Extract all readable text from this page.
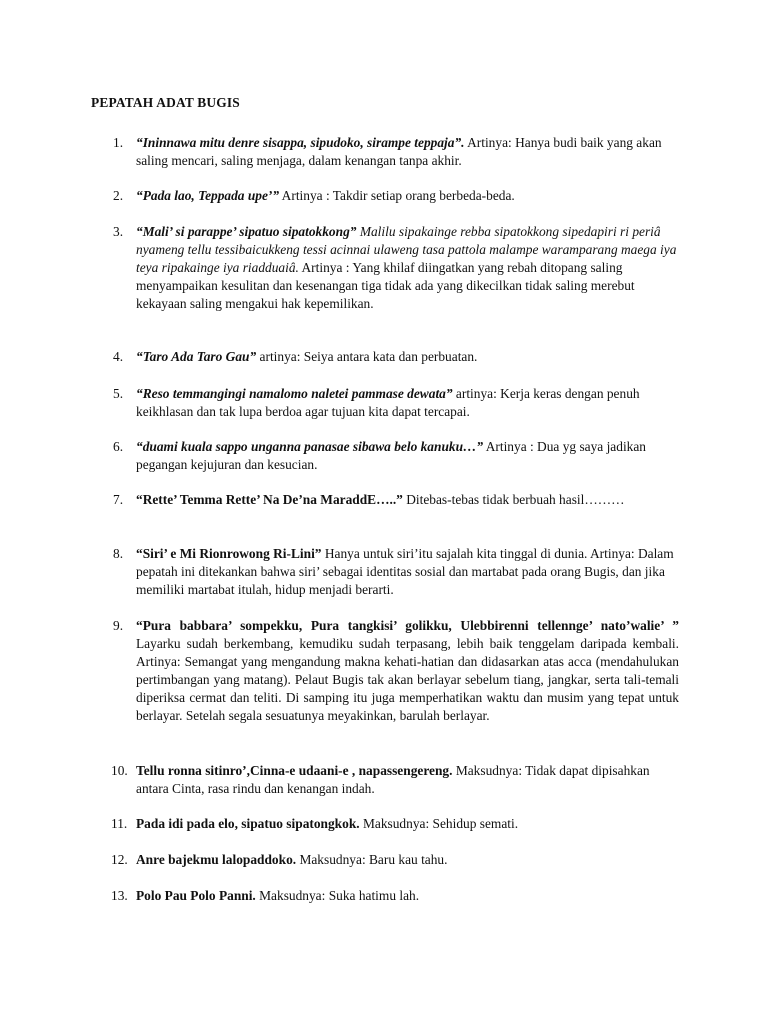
PEPATAH ADAT BUGIS
1. “Ininnawa mitu denre sisappa, sipudoko, sirampe teppaja”. Artinya: Hanya budi baik yang akan saling mencari, saling menjaga, dalam kenangan tanpa akhir.
2. “Pada lao, Teppada upe’” Artinya : Takdir setiap orang berbeda-beda.
3. “Mali’ si parappe’ sipatuo sipatokkong” Malilu sipakainge rebba sipatokkong sipedapiri ri periâ nyameng tellu tessibaicukkeng tessi acinnai ulaweng tasa pattola malampe waramparang maega iya teya ripakainge iya riadduaiâ. Artinya : Yang khilaf diingatkan yang rebah ditopang saling menyampaikan kesulitan dan kesenangan tiga tidak ada yang dikecilkan tidak saling merebut kekayaan saling mengakui hak kepemilikan.
4. “Taro Ada Taro Gau” artinya: Seiya antara kata dan perbuatan.
5. “Reso temmangingi namalomo naletei pammase dewata” artinya: Kerja keras dengan penuh keikhlasan dan tak lupa berdoa agar tujuan kita dapat tercapai.
6. “duami kuala sappo unganna panasae sibawa belo kanuku…” Artinya : Dua yg saya jadikan pegangan kejujuran dan kesucian.
7. “Rette’ Temma Rette’ Na De’na MaraddE…..” Ditebas-tebas tidak berbuah hasil………
8. “Siri’ e Mi Rionrowong Ri-Lini” Hanya untuk siri’itu sajalah kita tinggal di dunia. Artinya: Dalam pepatah ini ditekankan bahwa siri’ sebagai identitas sosial dan martabat pada orang Bugis, dan jika memiliki martabat itulah, hidup menjadi berarti.
9. “Pura babbara’ sompekku, Pura tangkisi’ golikku, Ulebbirenni tellennge’ nato’walie’ ” Layarku sudah berkembang, kemudiku sudah terpasang, lebih baik tenggelam daripada kembali. Artinya: Semangat yang mengandung makna kehati-hatian dan didasarkan atas acca (mendahulukan pertimbangan yang matang). Pelaut Bugis tak akan berlayar sebelum tiang, jangkar, serta tali-temali diperiksa cermat dan teliti. Di samping itu juga memperhatikan waktu dan musim yang tepat untuk berlayar. Setelah segala sesuatunya meyakinkan, barulah berlayar.
10. Tellu ronna sitinro’,Cinna-e udaani-e , napassengereng. Maksudnya: Tidak dapat dipisahkan antara Cinta, rasa rindu dan kenangan indah.
11. Pada idi pada elo, sipatuo sipatongkok. Maksudnya: Sehidup semati.
12. Anre bajekmu lalopaddoko. Maksudnya: Baru kau tahu.
13. Polo Pau Polo Panni. Maksudnya: Suka hatimu lah.
